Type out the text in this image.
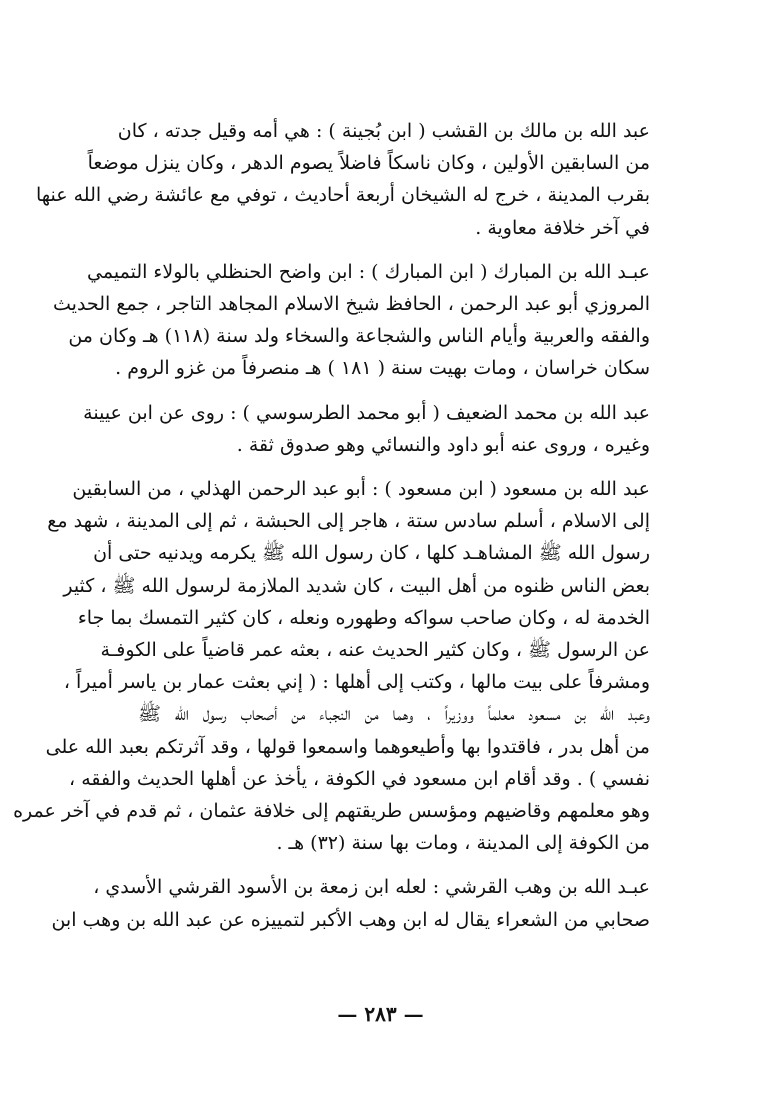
عبد الله بن مالك بن القشب ( ابن بُجينة ) : هي أمه وقيل جدته ، كان
من السابقين الأولين ، وكان ناسكاً فاضلاً يصوم الدهر ، وكان ينزل موضعاً
بقرب المدينة ، خرج له الشيخان أربعة أحاديث ، توفي مع عائشة رضي الله عنها
في آخر خلافة معاوية .
عبـد الله بن المبارك ( ابن المبارك ) : ابن واضح الحنظلي بالولاء التميمي
المروزي أبو عبد الرحمن ، الحافظ شيخ الاسلام المجاهد التاجر ، جمع الحديث
والفقه والعربية وأيام الناس والشجاعة والسخاء ولد سنة (١١٨) هـ وكان من
سكان خراسان ، ومات بهيت سنة ( ١٨١ ) هـ منصرفاً من غزو الروم .
عبد الله بن محمد الضعيف ( أبو محمد الطرسوسي ) : روى عن ابن عيينة
وغيره ، وروى عنه أبو داود والنسائي وهو صدوق ثقة .
عبد الله بن مسعود ( ابن مسعود ) : أبو عبد الرحمن الهذلي ، من السابقين
إلى الاسلام ، أسلم سادس ستة ، هاجر إلى الحبشة ، ثم إلى المدينة ، شهد مع
رسول الله ﷺ المشاهـد كلها ، كان رسول الله ﷺ يكرمه ويدنيه حتى أن
بعض الناس ظنوه من أهل البيت ، كان شديد الملازمة لرسول الله ﷺ ، كثير
الخدمة له ، وكان صاحب سواكه وطهوره ونعله ، كان كثير التمسك بما جاء
عن الرسول ﷺ ، وكان كثير الحديث عنه ، بعثه عمر قاضياً على الكوفـة
ومشرفاً على بيت مالها ، وكتب إلى أهلها : ( إني بعثت عمار بن ياسر أميراً ،
وعبد الله بن مسعود معلماً ووزيراً ، وهما من النجباء من أصحاب رسول الله ﷺ
من أهل بدر ، فاقتدوا بها وأطيعوهما واسمعوا قولها ، وقد آثرتكم بعبد الله على
نفسي ) . وقد أقام ابن مسعود في الكوفة ، يأخذ عن أهلها الحديث والفقه ،
وهو معلمهم وقاضيهم ومؤسس طريقتهم إلى خلافة عثمان ، ثم قدم في آخر عمره
من الكوفة إلى المدينة ، ومات بها سنة (٣٢) هـ .
عبـد الله بن وهب القرشي : لعله ابن زمعة بن الأسود القرشي الأسدي ،
صحابي من الشعراء يقال له ابن وهب الأكبر لتمييزه عن عبد الله بن وهب ابن
— ٢٨٣ —
